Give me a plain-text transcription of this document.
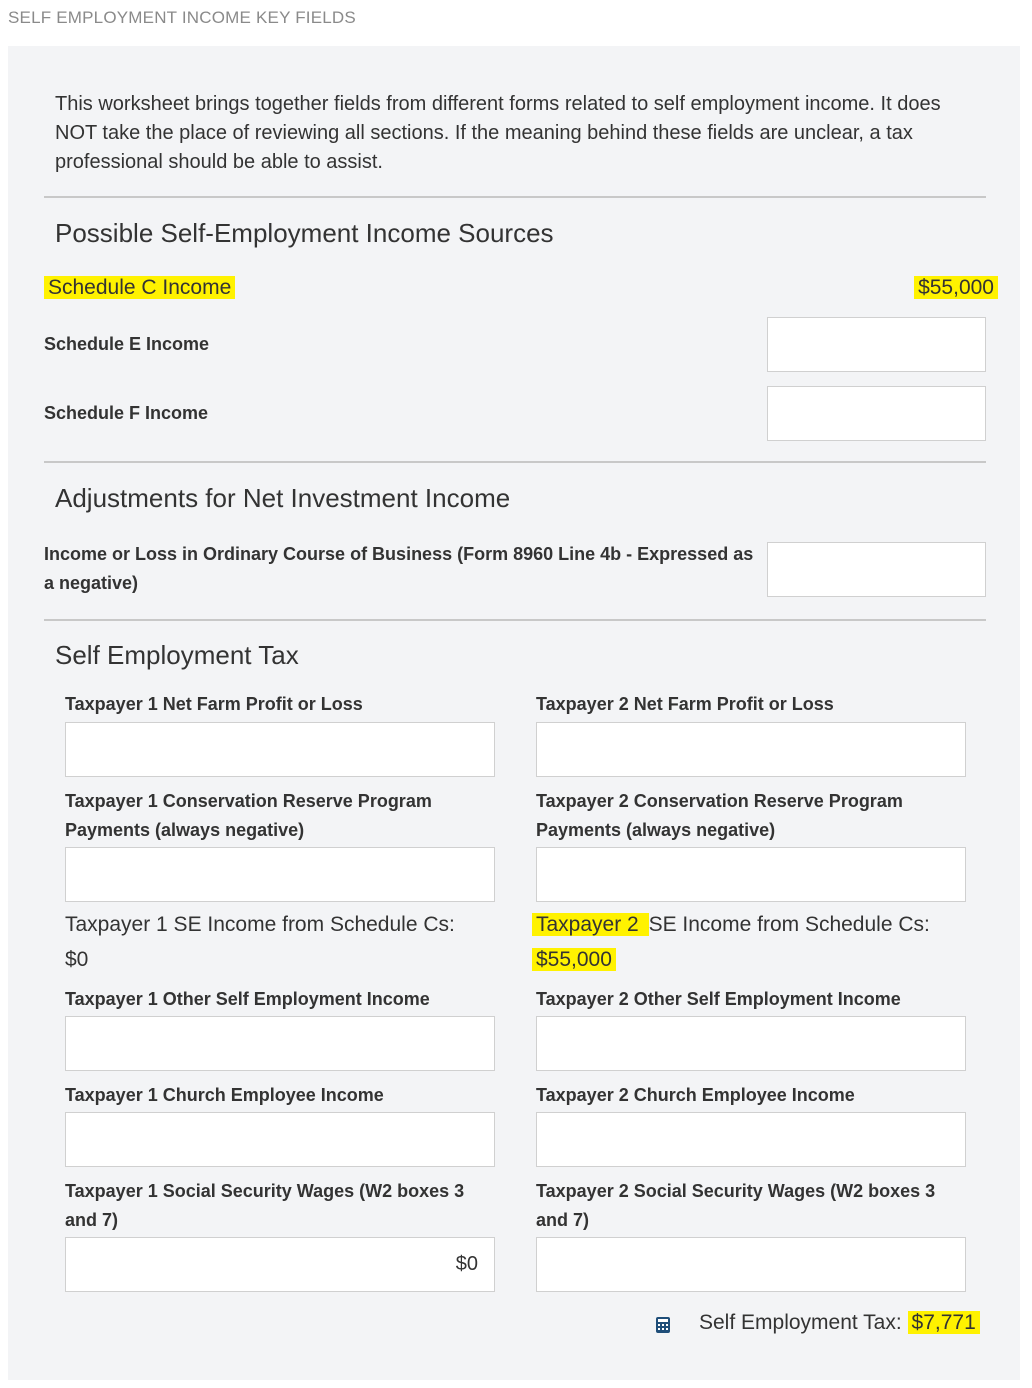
SELF EMPLOYMENT INCOME KEY FIELDS
This worksheet brings together fields from different forms related to self employment income. It does NOT take the place of reviewing all sections. If the meaning behind these fields are unclear, a tax professional should be able to assist.
Possible Self-Employment Income Sources
Schedule C Income	$55,000
Schedule E Income
Schedule F Income
Adjustments for Net Investment Income
Income or Loss in Ordinary Course of Business (Form 8960 Line 4b - Expressed as a negative)
Self Employment Tax
Taxpayer 1 Net Farm Profit or Loss
Taxpayer 1 Conservation Reserve Program Payments (always negative)
Taxpayer 1 SE Income from Schedule Cs:
$0
Taxpayer 1 Other Self Employment Income
Taxpayer 1 Church Employee Income
Taxpayer 1 Social Security Wages (W2 boxes 3 and 7)
$0
Taxpayer 2 Net Farm Profit or Loss
Taxpayer 2 Conservation Reserve Program Payments (always negative)
Taxpayer 2 SE Income from Schedule Cs:
$55,000
Taxpayer 2 Other Self Employment Income
Taxpayer 2 Church Employee Income
Taxpayer 2 Social Security Wages (W2 boxes 3 and 7)
Self Employment Tax: $7,771
